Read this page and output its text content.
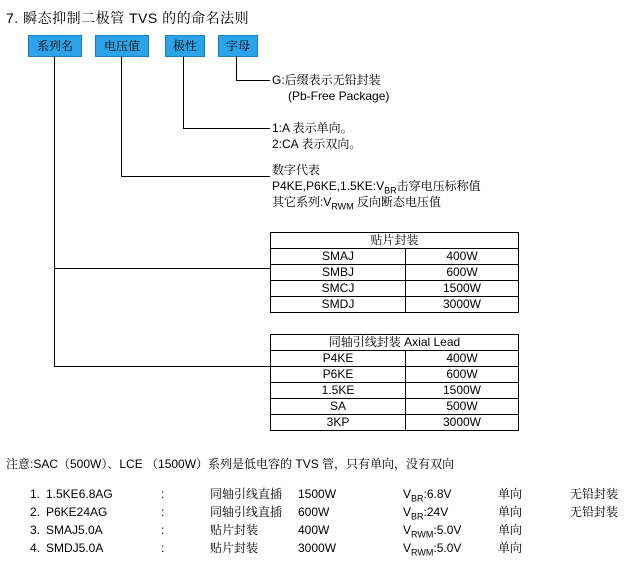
7. 瞬态抑制二极管 TVS 的的命名法则
系列名	电压值	极性	字母
G:后缀表示无铅封装
(Pb-Free Package)
1:A 表示单向。
2:CA 表示双向。
数字代表
$P4KE,P6KE,1.5KE:V_{BR}$击穿电压标称值
其它系列$:V_{RWM}$ 反向断态电压值
贴片封装	
SMAJ	400W
SMBJ	600W
SMCJ	1500W
SMDJ	3000W
同轴引线封装 Axial Lead	
P4KE	400W
P6KE	600W
1.5KE	1500W
SA	500W
3KP	3000W
注意:SAC（500W）、LCE （1500W）系列是低电容的 TVS 管，只有单向，没有双向
1. 1.5KE6.8AG	:	同轴引线直插 1500W	$V_{BR}:6.8V$	单向	无铅封装
2. P6KE24AG	:	同轴引线直插 600W	$V_{BR}:24V$	单向	无铅封装
3. SMAJ5.0A	:	贴片封装	400W	$V_{RWM}:5.0V$	单向
4. SMDJ5.0A	:	贴片封装	3000W	$V_{RWM}:5.0V$	单向
